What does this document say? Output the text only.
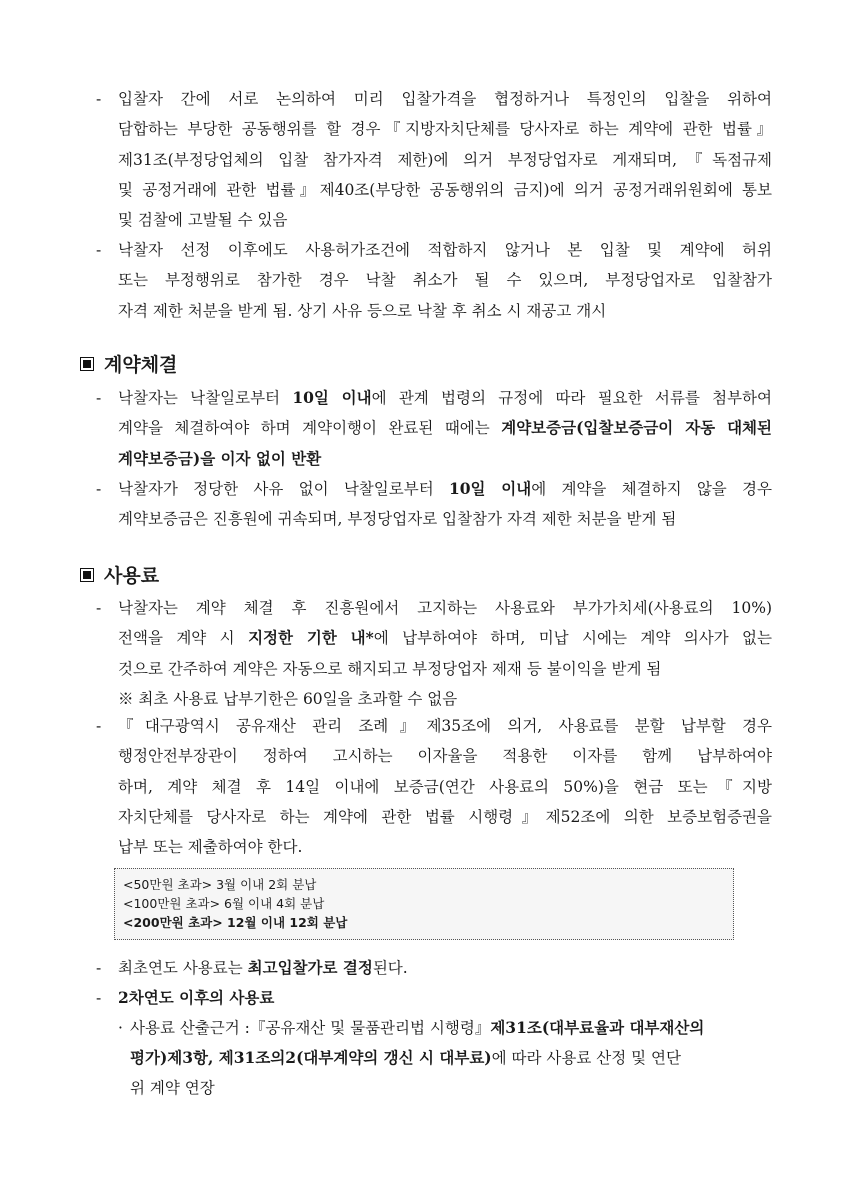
-	입찰자 간에 서로 논의하여 미리 입찰가격을 협정하거나 특정인의 입찰을 위하여
담합하는 부당한 공동행위를 할 경우『지방자치단체를 당사자로 하는 계약에 관한 법률』
제31조(부정당업체의 입찰 참가자격 제한)에 의거 부정당업자로 게재되며,『독점규제
및 공정거래에 관한 법률』제40조(부당한 공동행위의 금지)에 의거 공정거래위원회에 통보
및 검찰에 고발될 수 있음
-	낙찰자 선정 이후에도 사용허가조건에 적합하지 않거나 본 입찰 및 계약에 허위
또는 부정행위로 참가한 경우 낙찰 취소가 될 수 있으며, 부정당업자로 입찰참가
자격 제한 처분을 받게 됨. 상기 사유 등으로 낙찰 후 취소 시 재공고 개시
계약체결
-	낙찰자는 낙찰일로부터 10일 이내에 관계 법령의 규정에 따라 필요한 서류를 첨부하여
계약을 체결하여야 하며 계약이행이 완료된 때에는 계약보증금(입찰보증금이 자동 대체된
계약보증금)을 이자 없이 반환
-	낙찰자가 정당한 사유 없이 낙찰일로부터 10일 이내에 계약을 체결하지 않을 경우
계약보증금은 진흥원에 귀속되며, 부정당업자로 입찰참가 자격 제한 처분을 받게 됨
사용료
-	낙찰자는 계약 체결 후 진흥원에서 고지하는 사용료와 부가가치세(사용료의 10%)
전액을 계약 시 지정한 기한 내*에 납부하여야 하며, 미납 시에는 계약 의사가 없는
것으로 간주하여 계약은 자동으로 해지되고 부정당업자 제재 등 불이익을 받게 됨
※ 최초 사용료 납부기한은 60일을 초과할 수 없음
-	『대구광역시 공유재산 관리 조례』제35조에 의거, 사용료를 분할 납부할 경우
행정안전부장관이 정하여 고시하는 이자율을 적용한 이자를 함께 납부하여야
하며, 계약 체결 후 14일 이내에 보증금(연간 사용료의 50%)을 현금 또는『지방
자치단체를 당사자로 하는 계약에 관한 법률 시행령』제52조에 의한 보증보험증권을
납부 또는 제출하여야 한다.
<50만원 초과> 3월 이내 2회 분납
<100만원 초과> 6월 이내 4회 분납
<200만원 초과> 12월 이내 12회 분납
-	최초연도 사용료는 최고입찰가로 결정된다.
-	2차연도 이후의 사용료
· 사용료 산출근거 :『공유재산 및 물품관리법 시행령』제31조(대부료율과 대부재산의
평가)제3항, 제31조의2(대부계약의 갱신 시 대부료)에 따라 사용료 산정 및 연단
위 계약 연장
